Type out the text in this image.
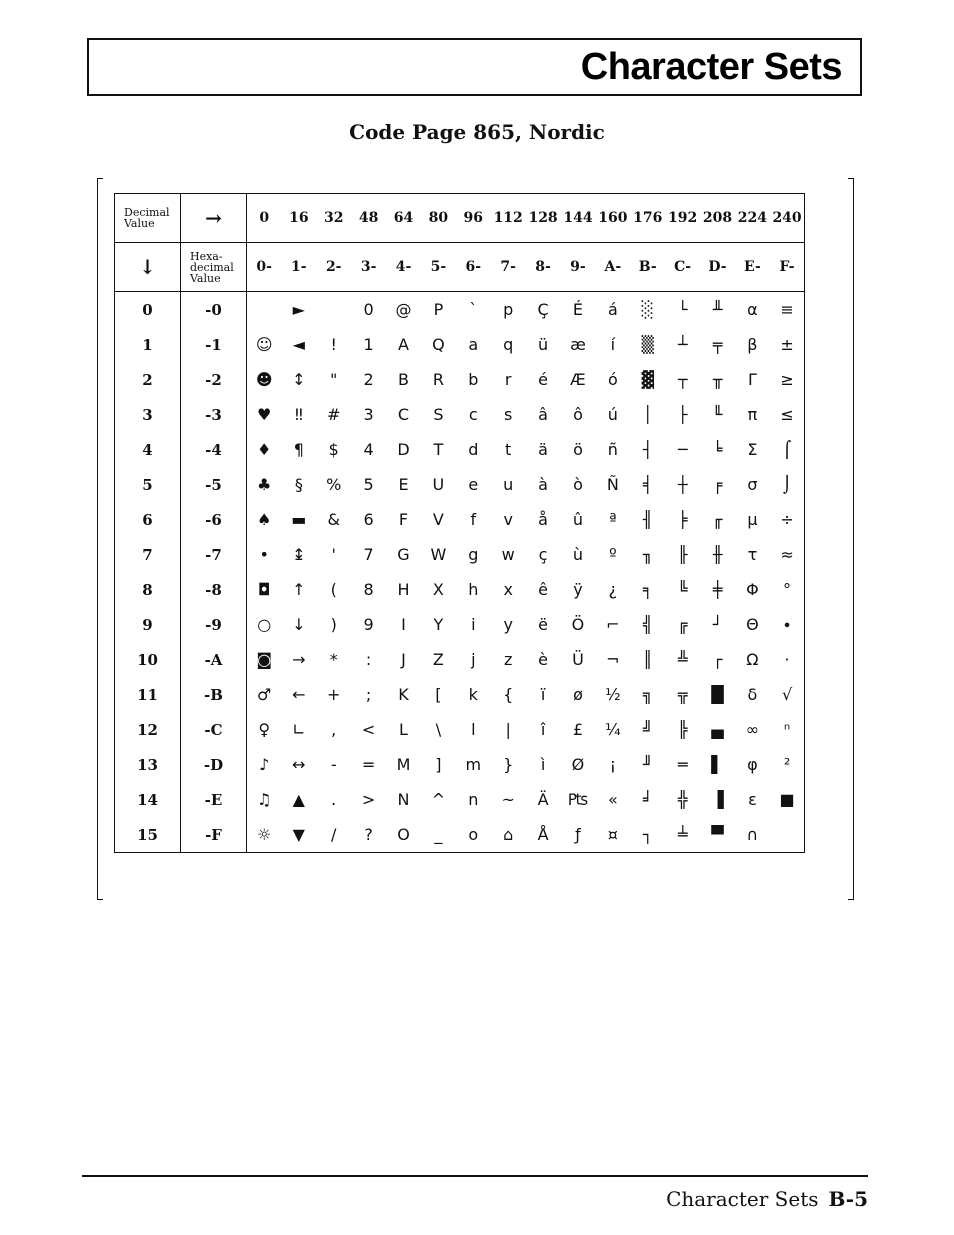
Character Sets
Code Page 865, Nordic
Decimal Value	→	0	16	32	48	64	80	96	112	128	144	160	176	192	208	224	240
↓	Hexa-decimal Value	0-	1-	2-	3-	4-	5-	6-	7-	8-	9-	A-	B-	C-	D-	E-	F-
0	-0		►		0	@	P	`	p	Ç	É	á	░	└	╨	α	≡
1	-1	☺	◄	!	1	A	Q	a	q	ü	æ	í	▒	┴	╤	β	±
2	-2	☻	↕	"	2	B	R	b	r	é	Æ	ó	▓	┬	╥	Γ	≥
3	-3	♥	‼	#	3	C	S	c	s	â	ô	ú	│	├	╙	π	≤
4	-4	♦	¶	$	4	D	T	d	t	ä	ö	ñ	┤	─	╘	Σ	⌠
5	-5	♣	§	%	5	E	U	e	u	à	ò	Ñ	╡	┼	╒	σ	⌡
6	-6	♠	▬	&	6	F	V	f	v	å	û	ª	╢	╞	╓	µ	÷
7	-7	•	↨	'	7	G	W	g	w	ç	ù	º	╖	╟	╫	τ	≈
8	-8	◘	↑	(	8	H	X	h	x	ê	ÿ	¿	╕	╚	╪	Φ	°
9	-9	○	↓	)	9	I	Y	i	y	ë	Ö	⌐	╣	╔	┘	Θ	∙
10	-A	◙	→	*	:	J	Z	j	z	è	Ü	¬	║	╩	┌	Ω	·
11	-B	♂	←	+	;	K	[	k	{	ï	ø	½	╗	╦	█	δ	√
12	-C	♀	∟	,	<	L	\	l	|	î	£	¼	╝	╠	▄	∞	ⁿ
13	-D	♪	↔	-	=	M	]	m	}	ì	Ø	¡	╜	═	▌	φ	²
14	-E	♫	▲	.	>	N	^	n	~	Ä	₧	«	╛	╬	▐	ε	■
15	-F	☼	▼	/	?	O	_	o	⌂	Å	ƒ	¤	┐	╧	▀	∩	
Character Sets B-5
